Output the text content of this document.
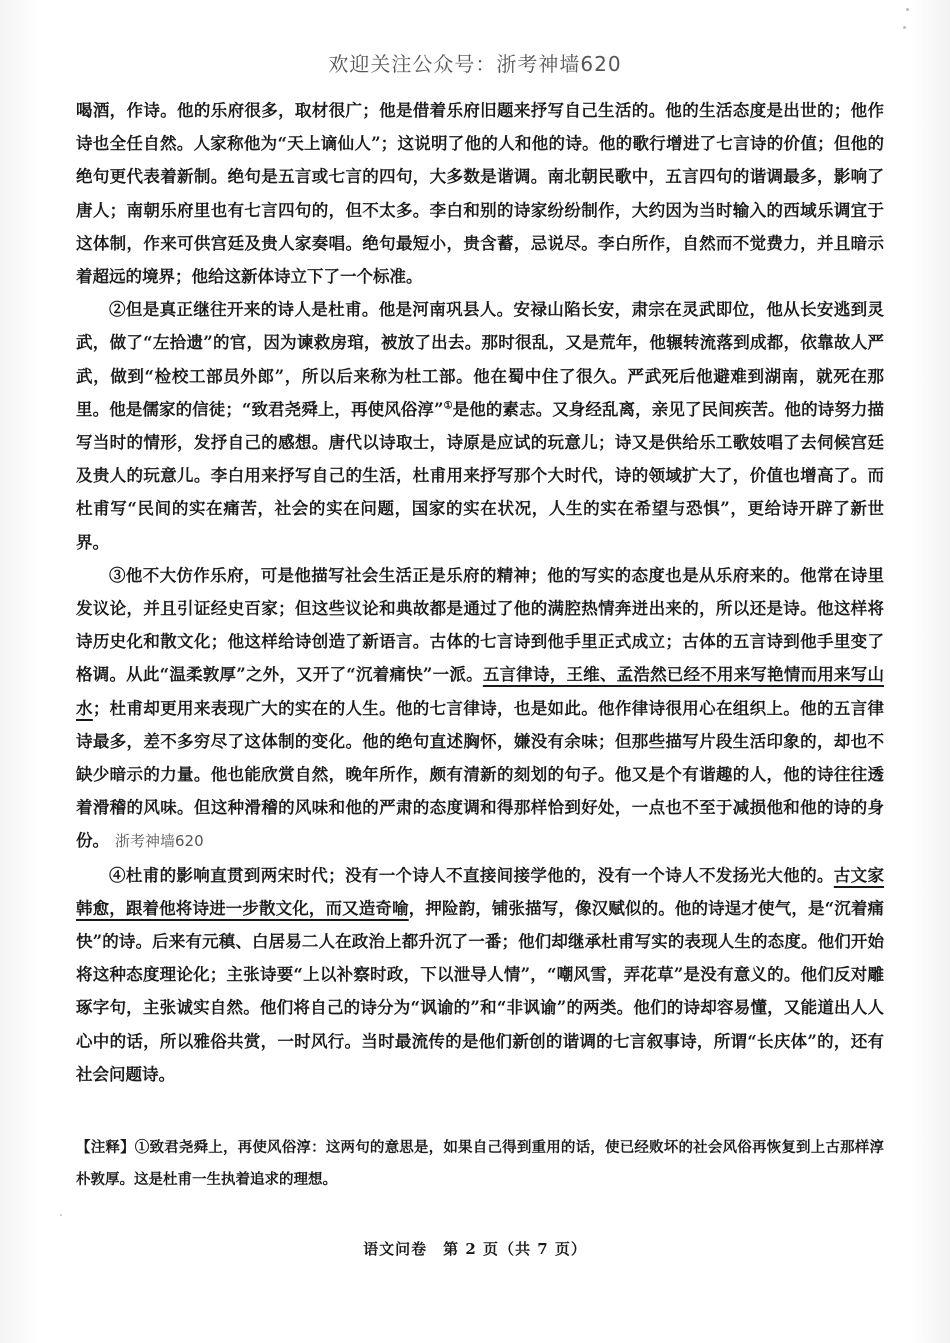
欢迎关注公众号：浙考神墙620

喝酒，作诗。他的乐府很多，取材很广；他是借着乐府旧题来抒写自己生活的。他的生活态度是出世的；他作诗也全任自然。人家称他为“天上谪仙人”；这说明了他的人和他的诗。他的歌行增进了七言诗的价值；但他的绝句更代表着新制。绝句是五言或七言的四句，大多数是谐调。南北朝民歌中，五言四句的谐调最多，影响了唐人；南朝乐府里也有七言四句的，但不太多。李白和别的诗家纷纷制作，大约因为当时输入的西域乐调宜于这体制，作来可供宫廷及贵人家奏唱。绝句最短小，贵含蓄，忌说尽。李白所作，自然而不觉费力，并且暗示着超远的境界；他给这新体诗立下了一个标准。

②但是真正继往开来的诗人是杜甫。他是河南巩县人。安禄山陷长安，肃宗在灵武即位，他从长安逃到灵武，做了“左拾遗”的官，因为谏救房琯，被放了出去。那时很乱，又是荒年，他辗转流落到成都，依靠故人严武，做到“检校工部员外郎”，所以后来称为杜工部。他在蜀中住了很久。严武死后他避难到湖南，就死在那里。他是儒家的信徒；“致君尧舜上，再使风俗淳”①是他的素志。又身经乱离，亲见了民间疾苦。他的诗努力描写当时的情形，发抒自己的感想。唐代以诗取士，诗原是应试的玩意儿；诗又是供给乐工歌妓唱了去伺候宫廷及贵人的玩意儿。李白用来抒写自己的生活，杜甫用来抒写那个大时代，诗的领域扩大了，价值也增高了。而杜甫写“民间的实在痛苦，社会的实在问题，国家的实在状况，人生的实在希望与恐惧”，更给诗开辟了新世界。

③他不大仿作乐府，可是他描写社会生活正是乐府的精神；他的写实的态度也是从乐府来的。他常在诗里发议论，并且引证经史百家；但这些议论和典故都是通过了他的满腔热情奔迸出来的，所以还是诗。他这样将诗历史化和散文化；他这样给诗创造了新语言。古体的七言诗到他手里正式成立；古体的五言诗到他手里变了格调。从此“温柔敦厚”之外，又开了“沉着痛快”一派。五言律诗，王维、孟浩然已经不用来写艳情而用来写山水；杜甫却更用来表现广大的实在的人生。他的七言律诗，也是如此。他作律诗很用心在组织上。他的五言律诗最多，差不多穷尽了这体制的变化。他的绝句直述胸怀，嫌没有余味；但那些描写片段生活印象的，却也不缺少暗示的力量。他也能欣赏自然，晚年所作，颇有清新的刻划的句子。他又是个有谐趣的人，他的诗往往透着滑稽的风味。但这种滑稽的风味和他的严肃的态度调和得那样恰到好处，一点也不至于减损他和他的诗的身份。 浙考神墙620

④杜甫的影响直贯到两宋时代；没有一个诗人不直接间接学他的，没有一个诗人不发扬光大他的。古文家韩愈，跟着他将诗进一步散文化，而又造奇喻，押险韵，铺张描写，像汉赋似的。他的诗逞才使气，是“沉着痛快”的诗。后来有元稹、白居易二人在政治上都升沉了一番；他们却继承杜甫写实的表现人生的态度。他们开始将这种态度理论化；主张诗要“上以补察时政，下以泄导人情”，“嘲风雪，弄花草”是没有意义的。他们反对雕琢字句，主张诚实自然。他们将自己的诗分为“讽谕的”和“非讽谕”的两类。他们的诗却容易懂，又能道出人人心中的话，所以雅俗共赏，一时风行。当时最流传的是他们新创的谐调的七言叙事诗，所谓“长庆体”的，还有社会问题诗。

【注释】①致君尧舜上，再使风俗淳：这两句的意思是，如果自己得到重用的话，使已经败坏的社会风俗再恢复到上古那样淳朴敦厚。这是杜甫一生执着追求的理想。
语文问卷　第 2 页（共 7 页）
